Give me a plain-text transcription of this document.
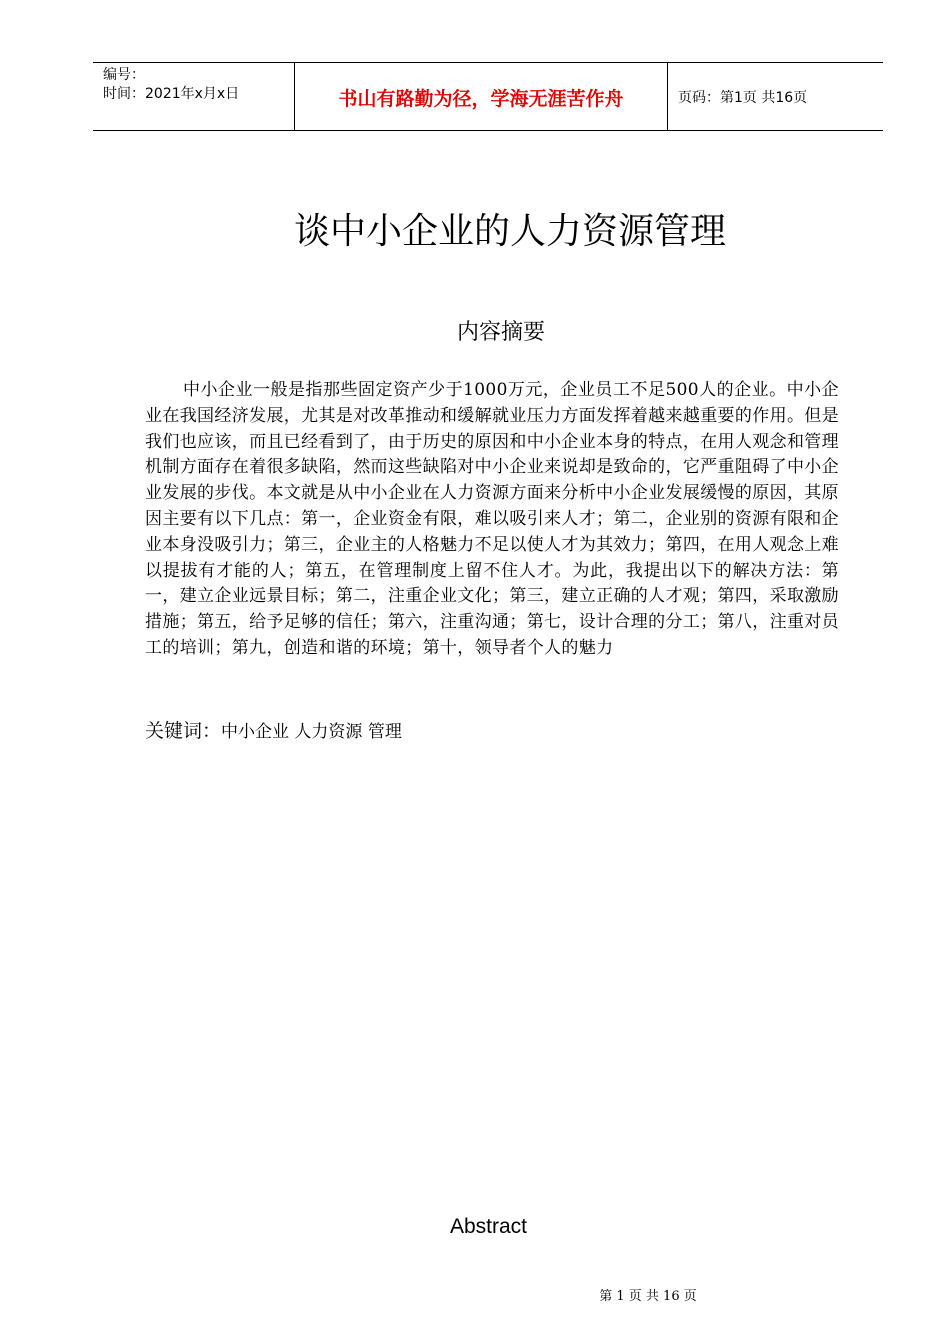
编号：
时间：2021年x月x日	书山有路勤为径，学海无涯苦作舟	页码：第1页 共16页
谈中小企业的人力资源管理
内容摘要

中小企业一般是指那些固定资产少于1000万元，企业员工不足500人的企业。中小企业在我国经济发展，尤其是对改革推动和缓解就业压力方面发挥着越来越重要的作用。但是我们也应该，而且已经看到了，由于历史的原因和中小企业本身的特点，在用人观念和管理机制方面存在着很多缺陷，然而这些缺陷对中小企业来说却是致命的，它严重阻碍了中小企业发展的步伐。本文就是从中小企业在人力资源方面来分析中小企业发展缓慢的原因，其原因主要有以下几点：第一，企业资金有限，难以吸引来人才；第二，企业别的资源有限和企业本身没吸引力；第三，企业主的人格魅力不足以使人才为其效力；第四，在用人观念上难以提拔有才能的人；第五，在管理制度上留不住人才。为此，我提出以下的解决方法：第一，建立企业远景目标；第二，注重企业文化；第三，建立正确的人才观；第四，采取激励措施；第五，给予足够的信任；第六，注重沟通；第七，设计合理的分工；第八，注重对员工的培训；第九，创造和谐的环境；第十，领导者个人的魅力

关键词：中小企业 人力资源 管理
Abstract
第 1 页 共 16 页
